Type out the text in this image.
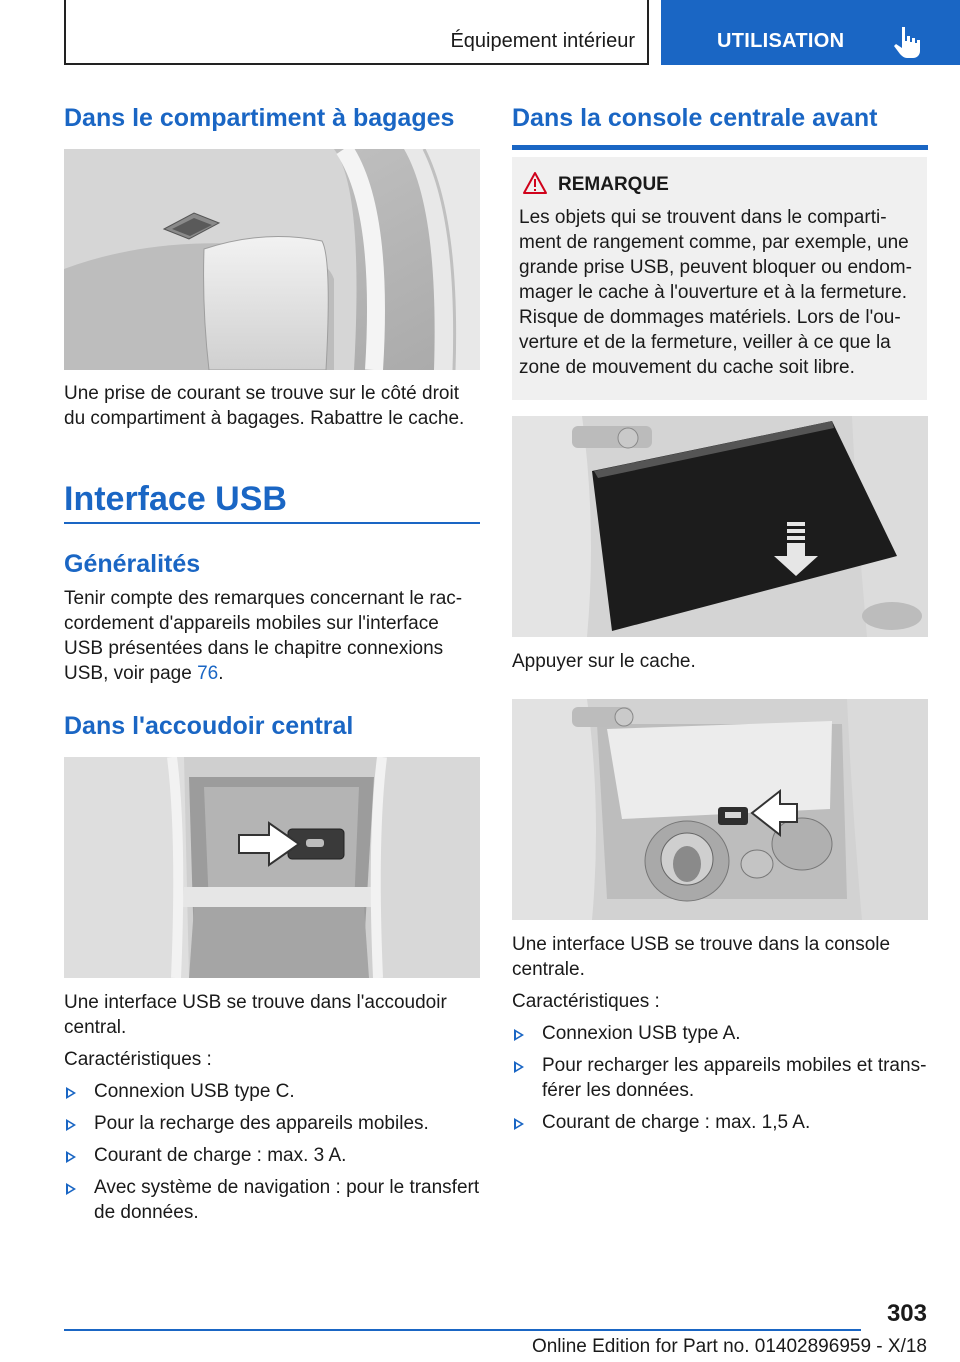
Équipement intérieur	UTILISATION
Dans le compartiment à bagages
Une prise de courant se trouve sur le côté droit
du compartiment à bagages. Rabattre le cache.
Interface USB
Généralités
Tenir compte des remarques concernant le rac‐
cordement d'appareils mobiles sur l'interface
USB présentées dans le chapitre connexions
USB, voir page 76.
Dans l'accoudoir central
Une interface USB se trouve dans l'accoudoir
central.
Caractéristiques :
Connexion USB type C.
Pour la recharge des appareils mobiles.
Courant de charge : max. 3 A.
Avec système de navigation : pour le transfert
de données.
Dans la console centrale avant
REMARQUE
Les objets qui se trouvent dans le comparti‐
ment de rangement comme, par exemple, une
grande prise USB, peuvent bloquer ou endom‐
mager le cache à l'ouverture et à la fermeture.
Risque de dommages matériels. Lors de l'ou‐
verture et de la fermeture, veiller à ce que la
zone de mouvement du cache soit libre.
Appuyer sur le cache.
Une interface USB se trouve dans la console
centrale.
Caractéristiques :
Connexion USB type A.
Pour recharger les appareils mobiles et trans‐
férer les données.
Courant de charge : max. 1,5 A.
303
Online Edition for Part no. 01402896959 - X/18
